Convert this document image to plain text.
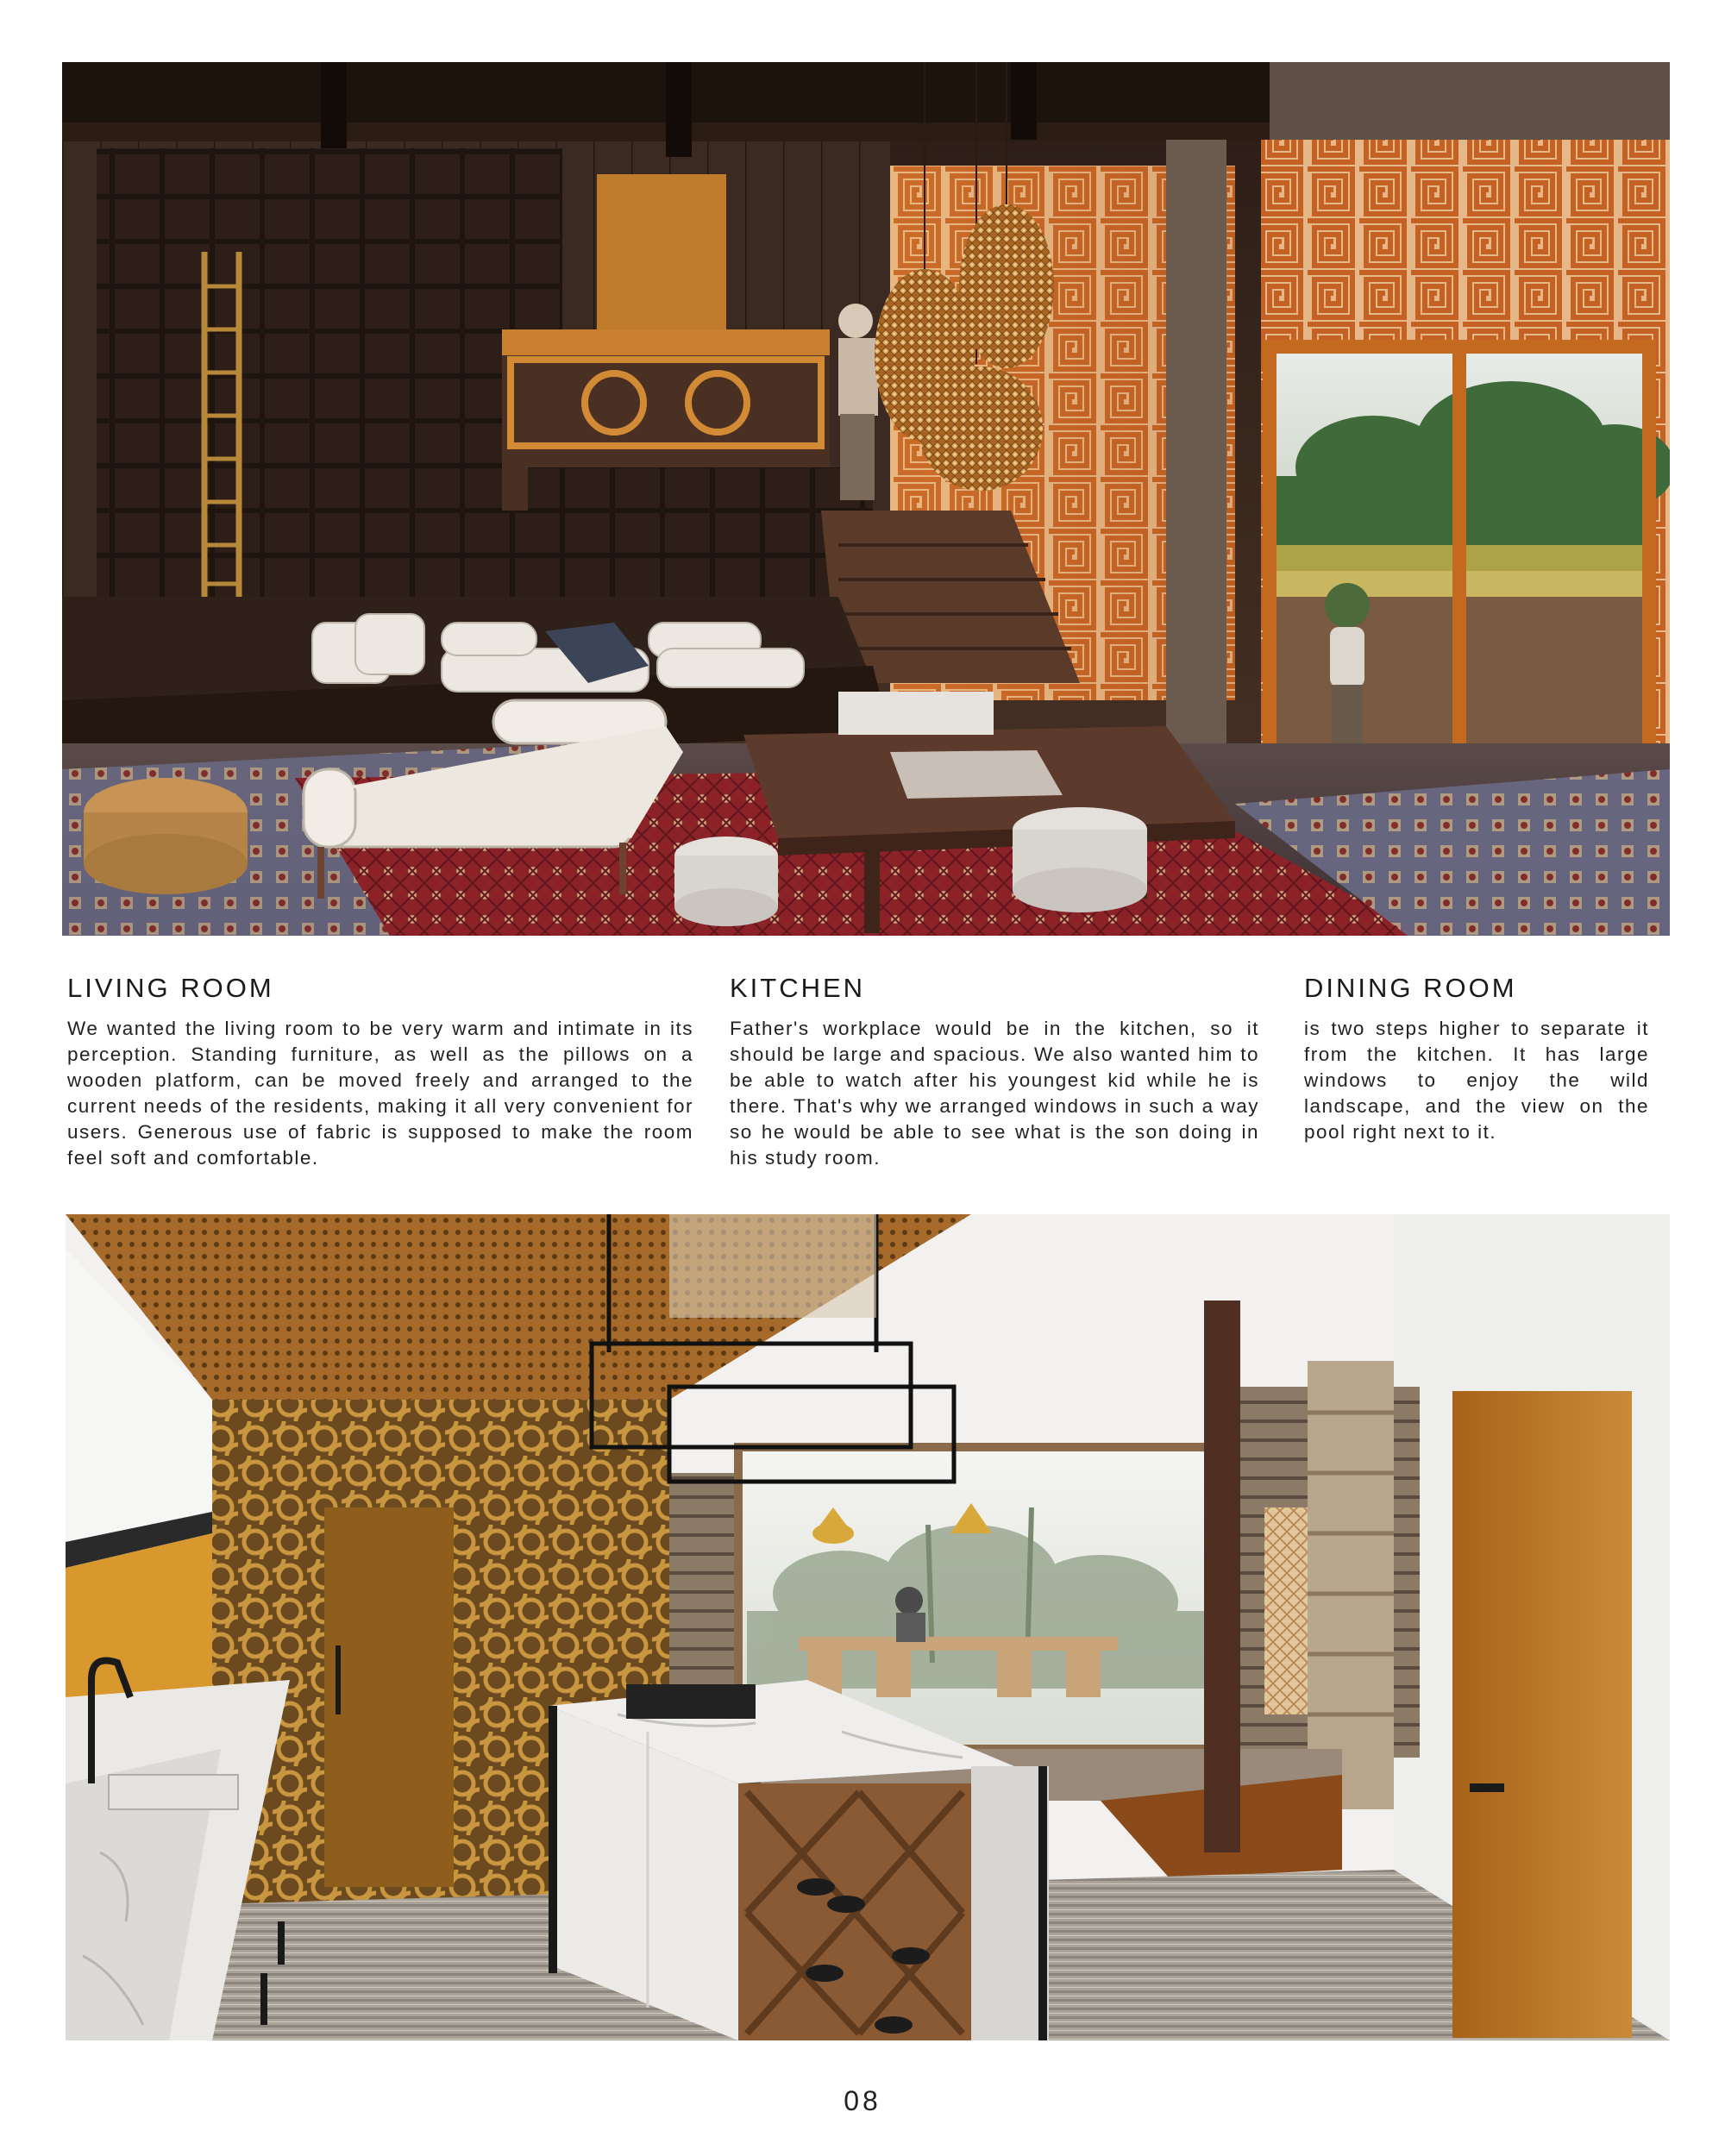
LIVING ROOM

We wanted the living room to be very warm and intimate in its perception. Standing furniture, as well as the pillows on a wooden platform, can be moved freely and arranged to the current needs of the residents, making it all very convenient for users. Generous use of fabric is supposed to make the room feel soft and comfortable.

KITCHEN

Father's workplace would be in the kitchen, so it should be large and spacious. We also wanted him to be able to watch after his youngest kid while he is there. That's why we arranged windows in such a way so he would be able to see what is the son doing in his study room.

DINING ROOM

is two steps higher to separate it from the kitchen. It has large windows to enjoy the wild landscape, and the view on the pool right next to it.

08
